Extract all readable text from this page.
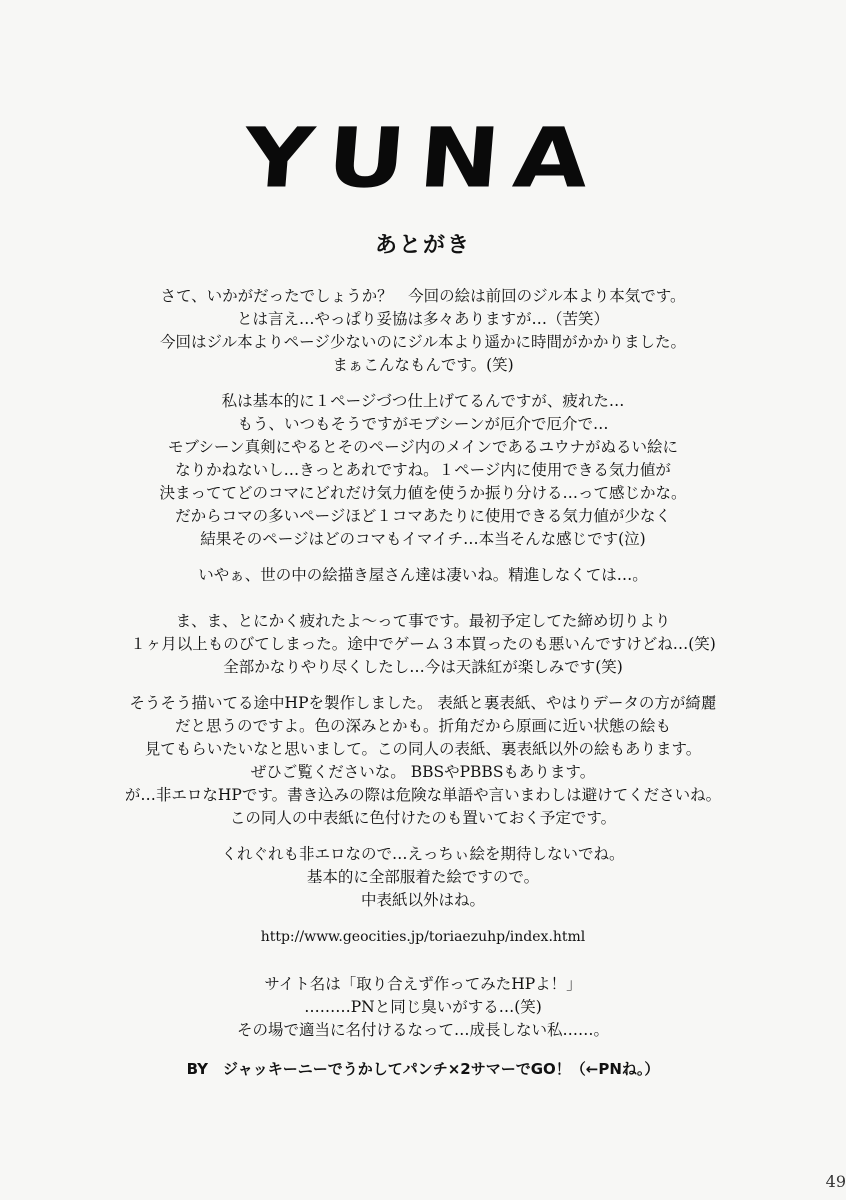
YUNA
あとがき
さて、いかがだったでしょうか？　今回の絵は前回のジル本より本気です。
とは言え…やっぱり妥協は多々ありますが…（苦笑）
今回はジル本よりページ少ないのにジル本より遥かに時間がかかりました。
まぁこんなもんです。(笑)
私は基本的に１ページづつ仕上げてるんですが、疲れた…
もう、いつもそうですがモブシーンが厄介で厄介で…
モブシーン真剣にやるとそのページ内のメインであるユウナがぬるい絵に
なりかねないし…きっとあれですね。１ページ内に使用できる気力値が
決まっててどのコマにどれだけ気力値を使うか振り分ける…って感じかな。
だからコマの多いページほど１コマあたりに使用できる気力値が少なく
結果そのページはどのコマもイマイチ…本当そんな感じです(泣)
いやぁ、世の中の絵描き屋さん達は凄いね。精進しなくては…。
ま、ま、とにかく疲れたよ〜って事です。最初予定してた締め切りより
１ヶ月以上ものびてしまった。途中でゲーム３本買ったのも悪いんですけどね…(笑)
全部かなりやり尽くしたし…今は天誅紅が楽しみです(笑)
そうそう描いてる途中HPを製作しました。 表紙と裏表紙、やはりデータの方が綺麗
だと思うのですよ。色の深みとかも。折角だから原画に近い状態の絵も
見てもらいたいなと思いまして。この同人の表紙、裏表紙以外の絵もあります。
ぜひご覧くださいな。 BBSやPBBSもあります。
が…非エロなHPです。書き込みの際は危険な単語や言いまわしは避けてくださいね。
この同人の中表紙に色付けたのも置いておく予定です。
くれぐれも非エロなので…えっちぃ絵を期待しないでね。
基本的に全部服着た絵ですので。
中表紙以外はね。
http://www.geocities.jp/toriaezuhp/index.html
サイト名は「取り合えず作ってみたHPよ！」
………PNと同じ臭いがする…(笑)
その場で適当に名付けるなって…成長しない私……。
BY　ジャッキーニーでうかしてパンチ×2サマーでGO！（←PNね。）
49
